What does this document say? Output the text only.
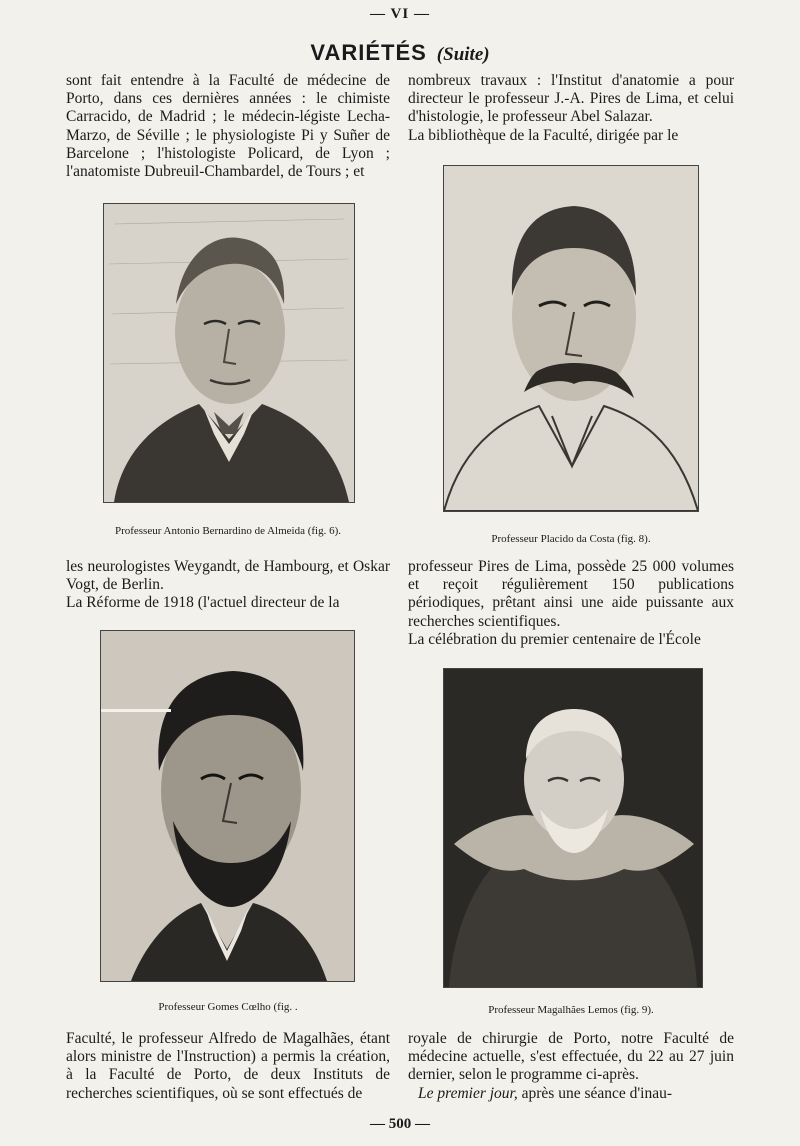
— VI —
VARIÉTÉS (Suite)
sont fait entendre à la Faculté de médecine de Porto, dans ces dernières années : le chimiste Carracido, de Madrid ; le médecin-légiste Lecha-Marzo, de Séville ; le physiologiste Pi y Suñer de Barcelone ; l'histologiste Policard, de Lyon ; l'anatomiste Dubreuil-Chambardel, de Tours ; et
nombreux travaux : l'Institut d'anatomie a pour directeur le professeur J.-A. Pires de Lima, et celui d'histologie, le professeur Abel Salazar.
La bibliothèque de la Faculté, dirigée par le
Professeur Antonio Bernardino de Almeida (fig. 6).
Professeur Placido da Costa (fig. 8).
les neurologistes Weygandt, de Hambourg, et Oskar Vogt, de Berlin.
La Réforme de 1918 (l'actuel directeur de la
professeur Pires de Lima, possède 25 000 volumes et reçoit régulièrement 150 publications périodiques, prêtant ainsi une aide puissante aux recherches scientifiques.
La célébration du premier centenaire de l'École
Professeur Gomes Cœlho (fig. .	Professeur Magalhães Lemos (fig. 9).
Faculté, le professeur Alfredo de Magalhães, étant alors ministre de l'Instruction) a permis la création, à la Faculté de Porto, de deux Instituts de recherches scientifiques, où se sont effectués de
royale de chirurgie de Porto, notre Faculté de médecine actuelle, s'est effectuée, du 22 au 27 juin dernier, selon le programme ci-après.
Le premier jour, après une séance d'inau-
— 500 —
